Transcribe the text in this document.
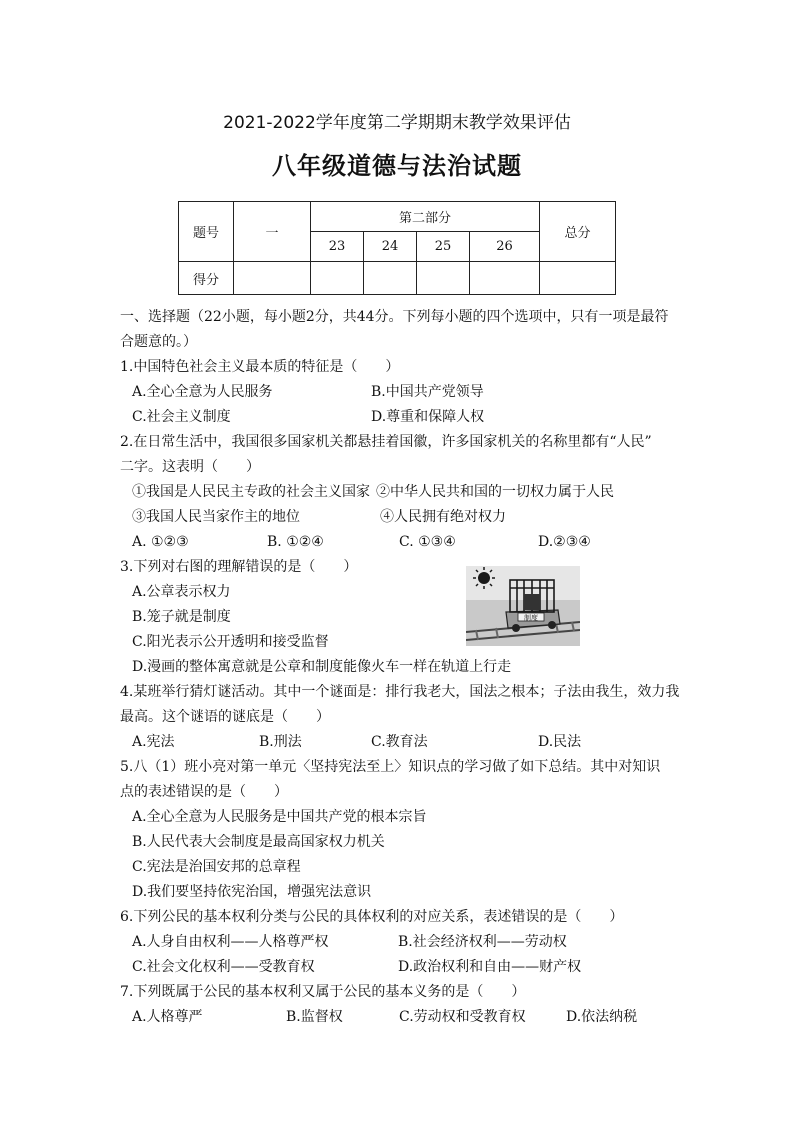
2021-2022学年度第二学期期末教学效果评估
八年级道德与法治试题
题号	一	第二部分				总分
		23	24	25	26	
得分						
一、选择题（22小题，每小题2分，共44分。下列每小题的四个选项中，只有一项是最符
合题意的。）
1.中国特色社会主义最本质的特征是（　　）
A.全心全意为人民服务	B.中国共产党领导
C.社会主义制度	D.尊重和保障人权
2.在日常生活中，我国很多国家机关都悬挂着国徽，许多国家机关的名称里都有“人民”
二字。这表明（　　）
①我国是人民民主专政的社会主义国家 ②中华人民共和国的一切权力属于人民
③我国人民当家作主的地位	④人民拥有绝对权力
A. ①②③	B. ①②④	C. ①③④	D.②③④
3.下列对右图的理解错误的是（　　）
A.公章表示权力
B.笼子就是制度
C.阳光表示公开透明和接受监督
D.漫画的整体寓意就是公章和制度能像火车一样在轨道上行走
制度
4.某班举行猜灯谜活动。其中一个谜面是：排行我老大，国法之根本；子法由我生，效力我
最高。这个谜语的谜底是（　　）
A.宪法	B.刑法	C.教育法	D.民法
5.八（1）班小亮对第一单元〈坚持宪法至上〉知识点的学习做了如下总结。其中对知识
点的表述错误的是（　　）
A.全心全意为人民服务是中国共产党的根本宗旨
B.人民代表大会制度是最高国家权力机关
C.宪法是治国安邦的总章程
D.我们要坚持依宪治国，增强宪法意识
6.下列公民的基本权利分类与公民的具体权利的对应关系，表述错误的是（　　）
A.人身自由权利——人格尊严权	B.社会经济权利——劳动权
C.社会文化权利——受教育权	D.政治权利和自由——财产权
7.下列既属于公民的基本权利又属于公民的基本义务的是（　　）
A.人格尊严	B.监督权	C.劳动权和受教育权	D.依法纳税
